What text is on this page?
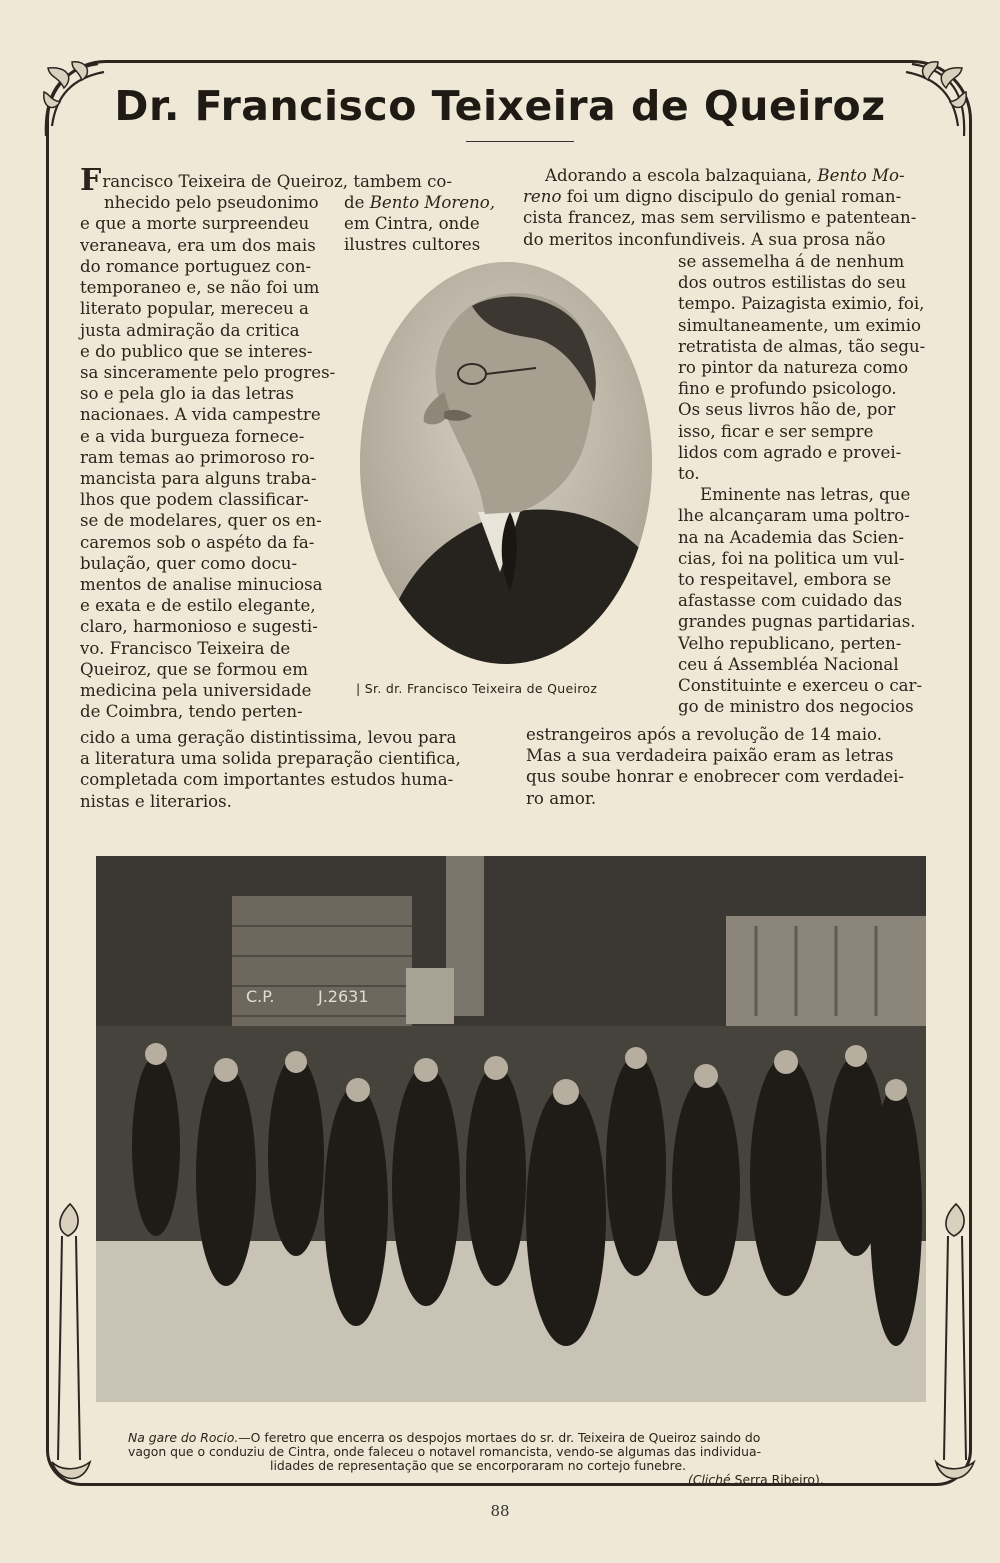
Dr. Francisco Teixeira de Queiroz
Francisco Teixeira de Queiroz, tambem co-
nhecido pelo pseudonimo
e que a morte surpreendeu
veraneava, era um dos mais
de Bento Moreno,
em Cintra, onde
ilustres cultores
do romance portuguez con-
temporaneo e, se não foi um
literato popular, mereceu a
justa admiração da critica
e do publico que se interes-
sa sinceramente pelo progres-
so e pela glo ia das letras
nacionaes. A vida campestre
e a vida burgueza fornece-
ram temas ao primoroso ro-
mancista para alguns traba-
lhos que podem classificar-
se de modelares, quer os en-
caremos sob o aspéto da fa-
bulação, quer como docu-
mentos de analise minuciosa
e exata e de estilo elegante,
claro, harmonioso e sugesti-
vo. Francisco Teixeira de
Queiroz, que se formou em
medicina pela universidade
de Coimbra, tendo perten-
cido a uma geração distintissima, levou para
a literatura uma solida preparação cientifica,
completada com importantes estudos huma-
nistas e literarios.
Adorando a escola balzaquiana, Bento Mo-
reno foi um digno discipulo do genial roman-
cista francez, mas sem servilismo e patentean-
do meritos inconfundiveis. A sua prosa não
se assemelha á de nenhum
dos outros estilistas do seu
tempo. Paizagista eximio, foi,
simultaneamente, um eximio
retratista de almas, tão segu-
ro pintor da natureza como
fino e profundo psicologo.
Os seus livros hão de, por
isso, ficar e ser sempre
lidos com agrado e provei-
to.
Eminente nas letras, que
lhe alcançaram uma poltro-
na na Academia das Scien-
cias, foi na politica um vul-
to respeitavel, embora se
afastasse com cuidado das
grandes pugnas partidarias.
Velho republicano, perten-
ceu á Assembléa Nacional
Constituinte e exerceu o car-
go de ministro dos negocios
estrangeiros após a revolução de 14 maio.
Mas a sua verdadeira paixão eram as letras
qus soube honrar e enobrecer com verdadei-
ro amor.
| Sr. dr. Francisco Teixeira de Queiroz
C.P.	J.2631
Na gare do Rocio.—O feretro que encerra os despojos mortaes do sr. dr. Teixeira de Queiroz saindo do
vagon que o conduziu de Cintra, onde faleceu o notavel romancista, vendo-se algumas das individua-
lidades de representação que se encorporaram no cortejo funebre.
(Cliché Serra Ribeiro).
88
